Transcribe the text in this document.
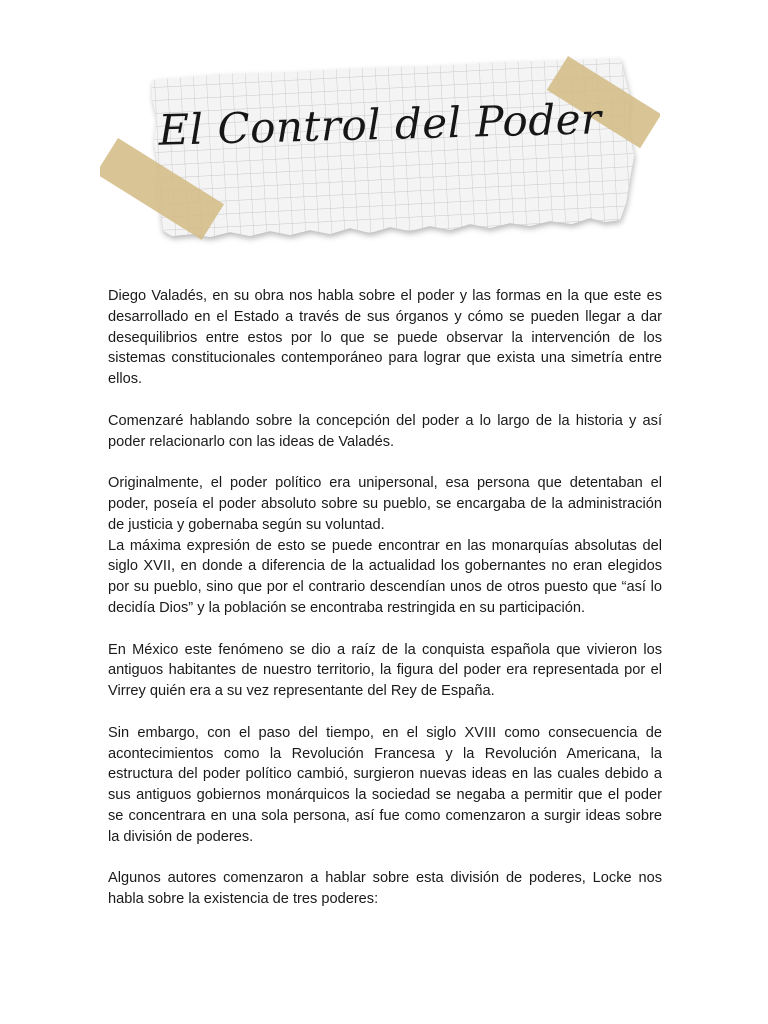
El Control del Poder

Diego Valadés, en su obra nos habla sobre el poder y las formas en la que este es desarrollado en el Estado a través de sus órganos y cómo se pueden llegar a dar desequilibrios entre estos por lo que se puede observar la intervención de los sistemas constitucionales contemporáneo para lograr que exista una simetría entre ellos.

Comenzaré hablando sobre la concepción del poder a lo largo de la historia y así poder relacionarlo con las ideas de Valadés.

Originalmente, el poder político era unipersonal, esa persona que detentaban el poder, poseía el poder absoluto sobre su pueblo, se encargaba de la administración de justicia y gobernaba según su voluntad.

La máxima expresión de esto se puede encontrar en las monarquías absolutas del siglo XVII, en donde a diferencia de la actualidad los gobernantes no eran elegidos por su pueblo, sino que por el contrario descendían unos de otros puesto que “así lo decidía Dios” y la población se encontraba restringida en su participación.

En México este fenómeno se dio a raíz de la conquista española que vivieron los antiguos habitantes de nuestro territorio, la figura del poder era representada por el Virrey quién era a su vez representante del Rey de España.

Sin embargo, con el paso del tiempo, en el siglo XVIII como consecuencia de acontecimientos como la Revolución Francesa y la Revolución Americana, la estructura del poder político cambió, surgieron nuevas ideas en las cuales debido a sus antiguos gobiernos monárquicos la sociedad se negaba a permitir que el poder se concentrara en una sola persona, así fue como comenzaron a surgir ideas sobre la división de poderes.

Algunos autores comenzaron a hablar sobre esta división de poderes, Locke nos habla sobre la existencia de tres poderes:
